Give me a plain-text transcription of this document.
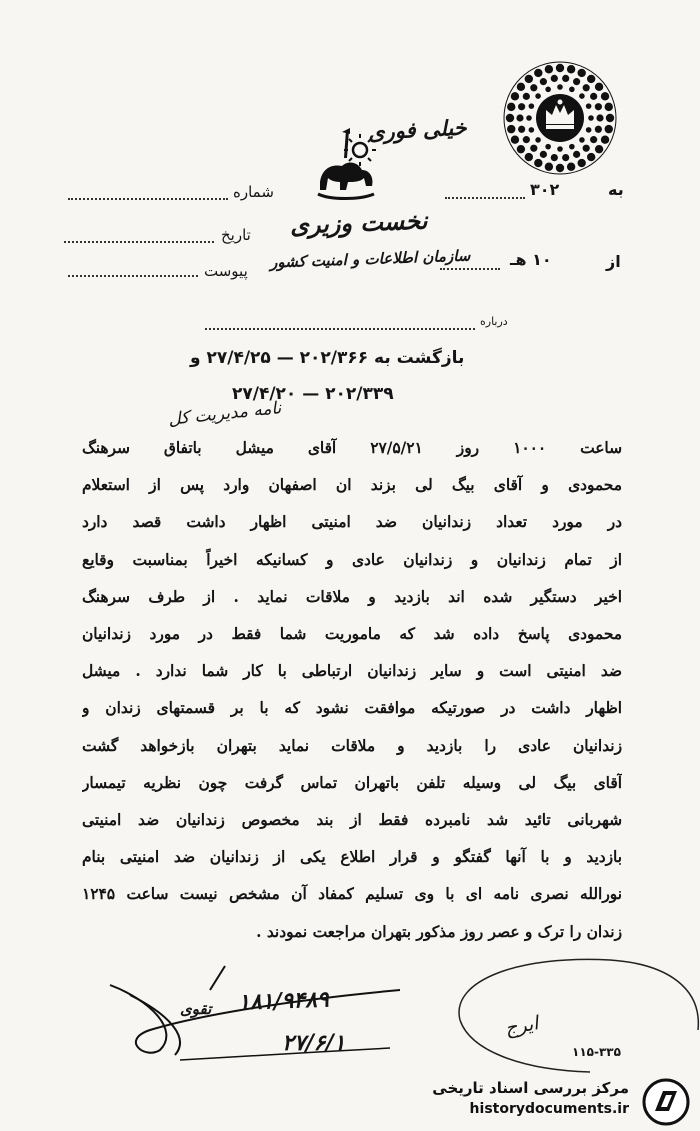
خیلی فوری
نخست وزیری
سازمان اطلاعات و امنیت کشور
شماره
تاریخ
پیوست
به
۳۰۲
از
۱۰ هـ
درباره
بازگشت به ۲۰۲/۳۶۶ — ۲۷/۴/۲۵ و
۲۰۲/۳۳۹ — ۲۷/۴/۲۰
نامه مدیریت کل
ساعت ۱۰۰۰ روز ۲۷/۵/۲۱ آقای میشل باتفاق سرهنگ
محمودی و آقای بیگ لی بزند ان اصفهان وارد پس از استعلام
در مورد تعداد زندانیان ضد امنیتی اظهار داشت قصد دارد
از تمام زندانیان و زندانیان عادی و کسانیکه اخیراً بمناسبت وقایع
اخیر دستگیر شده اند بازدید و ملاقات نماید . از طرف سرهنگ
محمودی پاسخ داده شد که ماموریت شما فقط در مورد زندانیان
ضد امنیتی است و سایر زندانیان ارتباطی با کار شما ندارد . میشل
اظهار داشت در صورتیکه موافقت نشود که با بر قسمتهای زندان و
زندانیان عادی را بازدید و ملاقات نماید بتهران بازخواهد گشت
آقای بیگ لی وسیله تلفن باتهران تماس گرفت چون نظریه تیمسار
شهربانی تائید شد نامبرده فقط از بند مخصوص زندانیان ضد امنیتی
بازدید و با آنها گفتگو و قرار اطلاع یکی از زندانیان ضد امنیتی بنام
نورالله نصری نامه ای با وی تسلیم کمفاد آن مشخص نیست ساعت ۱۲۴۵
زندان را ترک و عصر روز مذکور بتهران مراجعت نمودند .
تقوی ۱۸۱/۹۴۸۹
۲۷/۶/۱
ایرج
۱۱۵-۳۳۵
مرکز بررسی اسناد تاریخی
historydocuments.ir
